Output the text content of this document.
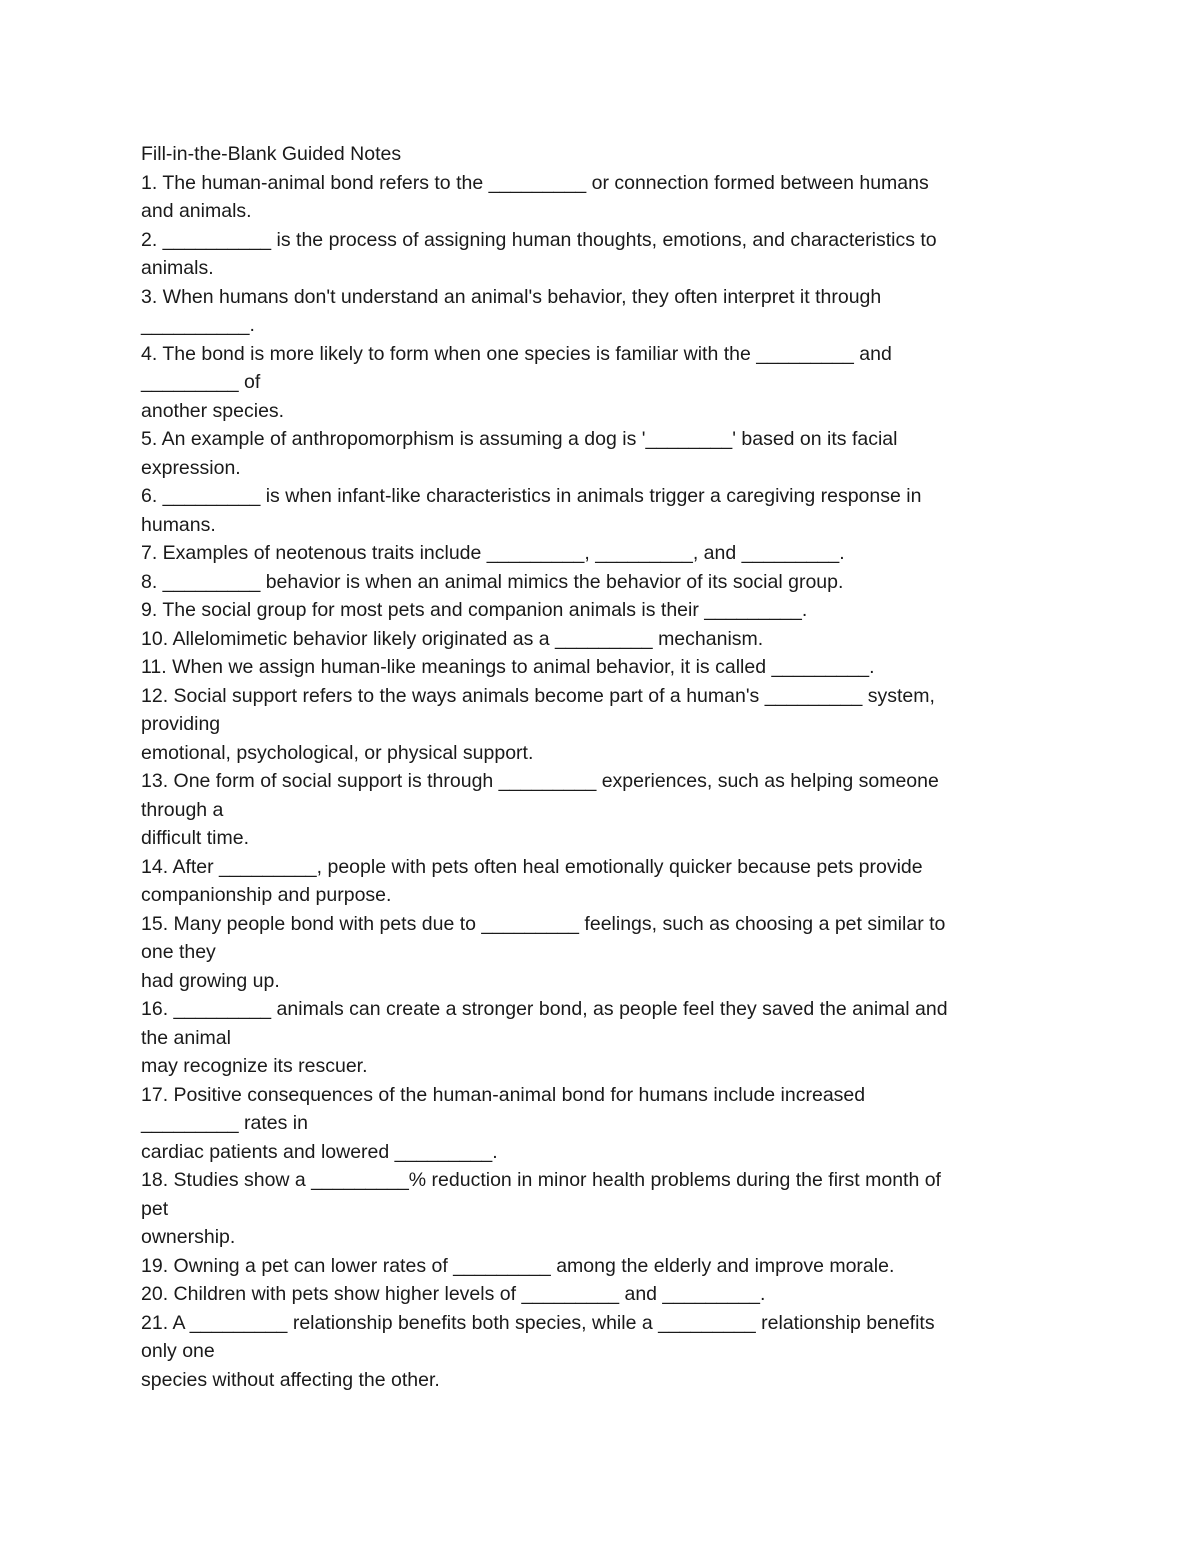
Fill-in-the-Blank Guided Notes

1. The human-animal bond refers to the _________ or connection formed between humans

and animals.

2. __________ is the process of assigning human thoughts, emotions, and characteristics to

animals.

3. When humans don't understand an animal's behavior, they often interpret it through

__________.

4. The bond is more likely to form when one species is familiar with the _________ and

_________ of

another species.

5. An example of anthropomorphism is assuming a dog is '________' based on its facial

expression.

6. _________ is when infant-like characteristics in animals trigger a caregiving response in

humans.

7. Examples of neotenous traits include _________, _________, and _________.

8. _________ behavior is when an animal mimics the behavior of its social group.

9. The social group for most pets and companion animals is their _________.

10. Allelomimetic behavior likely originated as a _________ mechanism.

11. When we assign human-like meanings to animal behavior, it is called _________.

12. Social support refers to the ways animals become part of a human's _________ system,

providing

emotional, psychological, or physical support.

13. One form of social support is through _________ experiences, such as helping someone

through a

difficult time.

14. After _________, people with pets often heal emotionally quicker because pets provide

companionship and purpose.

15. Many people bond with pets due to _________ feelings, such as choosing a pet similar to

one they

had growing up.

16. _________ animals can create a stronger bond, as people feel they saved the animal and

the animal

may recognize its rescuer.

17. Positive consequences of the human-animal bond for humans include increased

_________ rates in

cardiac patients and lowered _________.

18. Studies show a _________% reduction in minor health problems during the first month of

pet

ownership.

19. Owning a pet can lower rates of _________ among the elderly and improve morale.

20. Children with pets show higher levels of _________ and _________.

21. A _________ relationship benefits both species, while a _________ relationship benefits

only one

species without affecting the other.
